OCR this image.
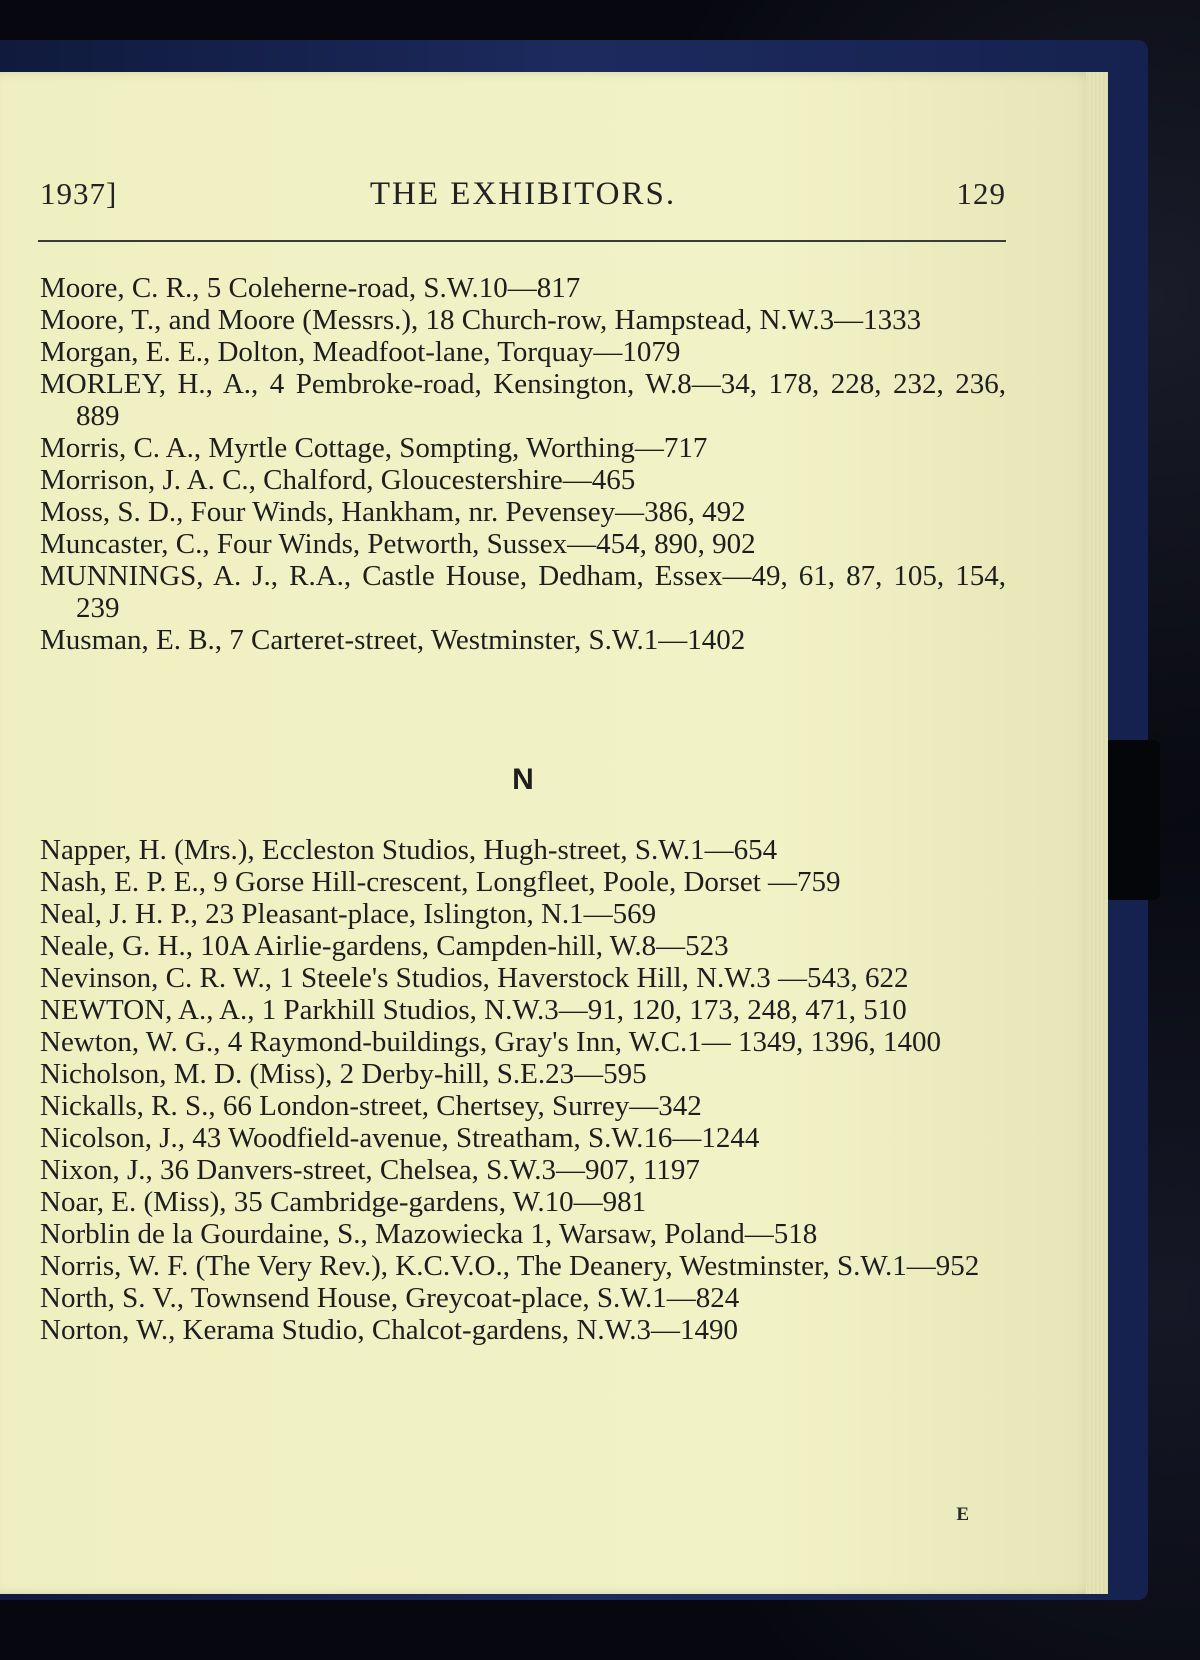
1937]	THE EXHIBITORS.	129
Moore, C. R., 5 Coleherne-road, S.W.10—817
Moore, T., and Moore (Messrs.), 18 Church-row, Hampstead, N.W.3—1333
Morgan, E. E., Dolton, Meadfoot-lane, Torquay—1079
MORLEY, H., A., 4 Pembroke-road, Kensington, W.8—34, 178, 228, 232, 236, 889
Morris, C. A., Myrtle Cottage, Sompting, Worthing—717
Morrison, J. A. C., Chalford, Gloucestershire—465
Moss, S. D., Four Winds, Hankham, nr. Pevensey—386, 492
Muncaster, C., Four Winds, Petworth, Sussex—454, 890, 902
MUNNINGS, A. J., R.A., Castle House, Dedham, Essex—49, 61, 87, 105, 154, 239
Musman, E. B., 7 Carteret-street, Westminster, S.W.1—1402
N
Napper, H. (Mrs.), Eccleston Studios, Hugh-street, S.W.1—654
Nash, E. P. E., 9 Gorse Hill-crescent, Longfleet, Poole, Dorset —759
Neal, J. H. P., 23 Pleasant-place, Islington, N.1—569
Neale, G. H., 10A Airlie-gardens, Campden-hill, W.8—523
Nevinson, C. R. W., 1 Steele's Studios, Haverstock Hill, N.W.3 —543, 622
NEWTON, A., A., 1 Parkhill Studios, N.W.3—91, 120, 173, 248, 471, 510
Newton, W. G., 4 Raymond-buildings, Gray's Inn, W.C.1— 1349, 1396, 1400
Nicholson, M. D. (Miss), 2 Derby-hill, S.E.23—595
Nickalls, R. S., 66 London-street, Chertsey, Surrey—342
Nicolson, J., 43 Woodfield-avenue, Streatham, S.W.16—1244
Nixon, J., 36 Danvers-street, Chelsea, S.W.3—907, 1197
Noar, E. (Miss), 35 Cambridge-gardens, W.10—981
Norblin de la Gourdaine, S., Mazowiecka 1, Warsaw, Poland—518
Norris, W. F. (The Very Rev.), K.C.V.O., The Deanery, Westminster, S.W.1—952
North, S. V., Townsend House, Greycoat-place, S.W.1—824
Norton, W., Kerama Studio, Chalcot-gardens, N.W.3—1490
E
